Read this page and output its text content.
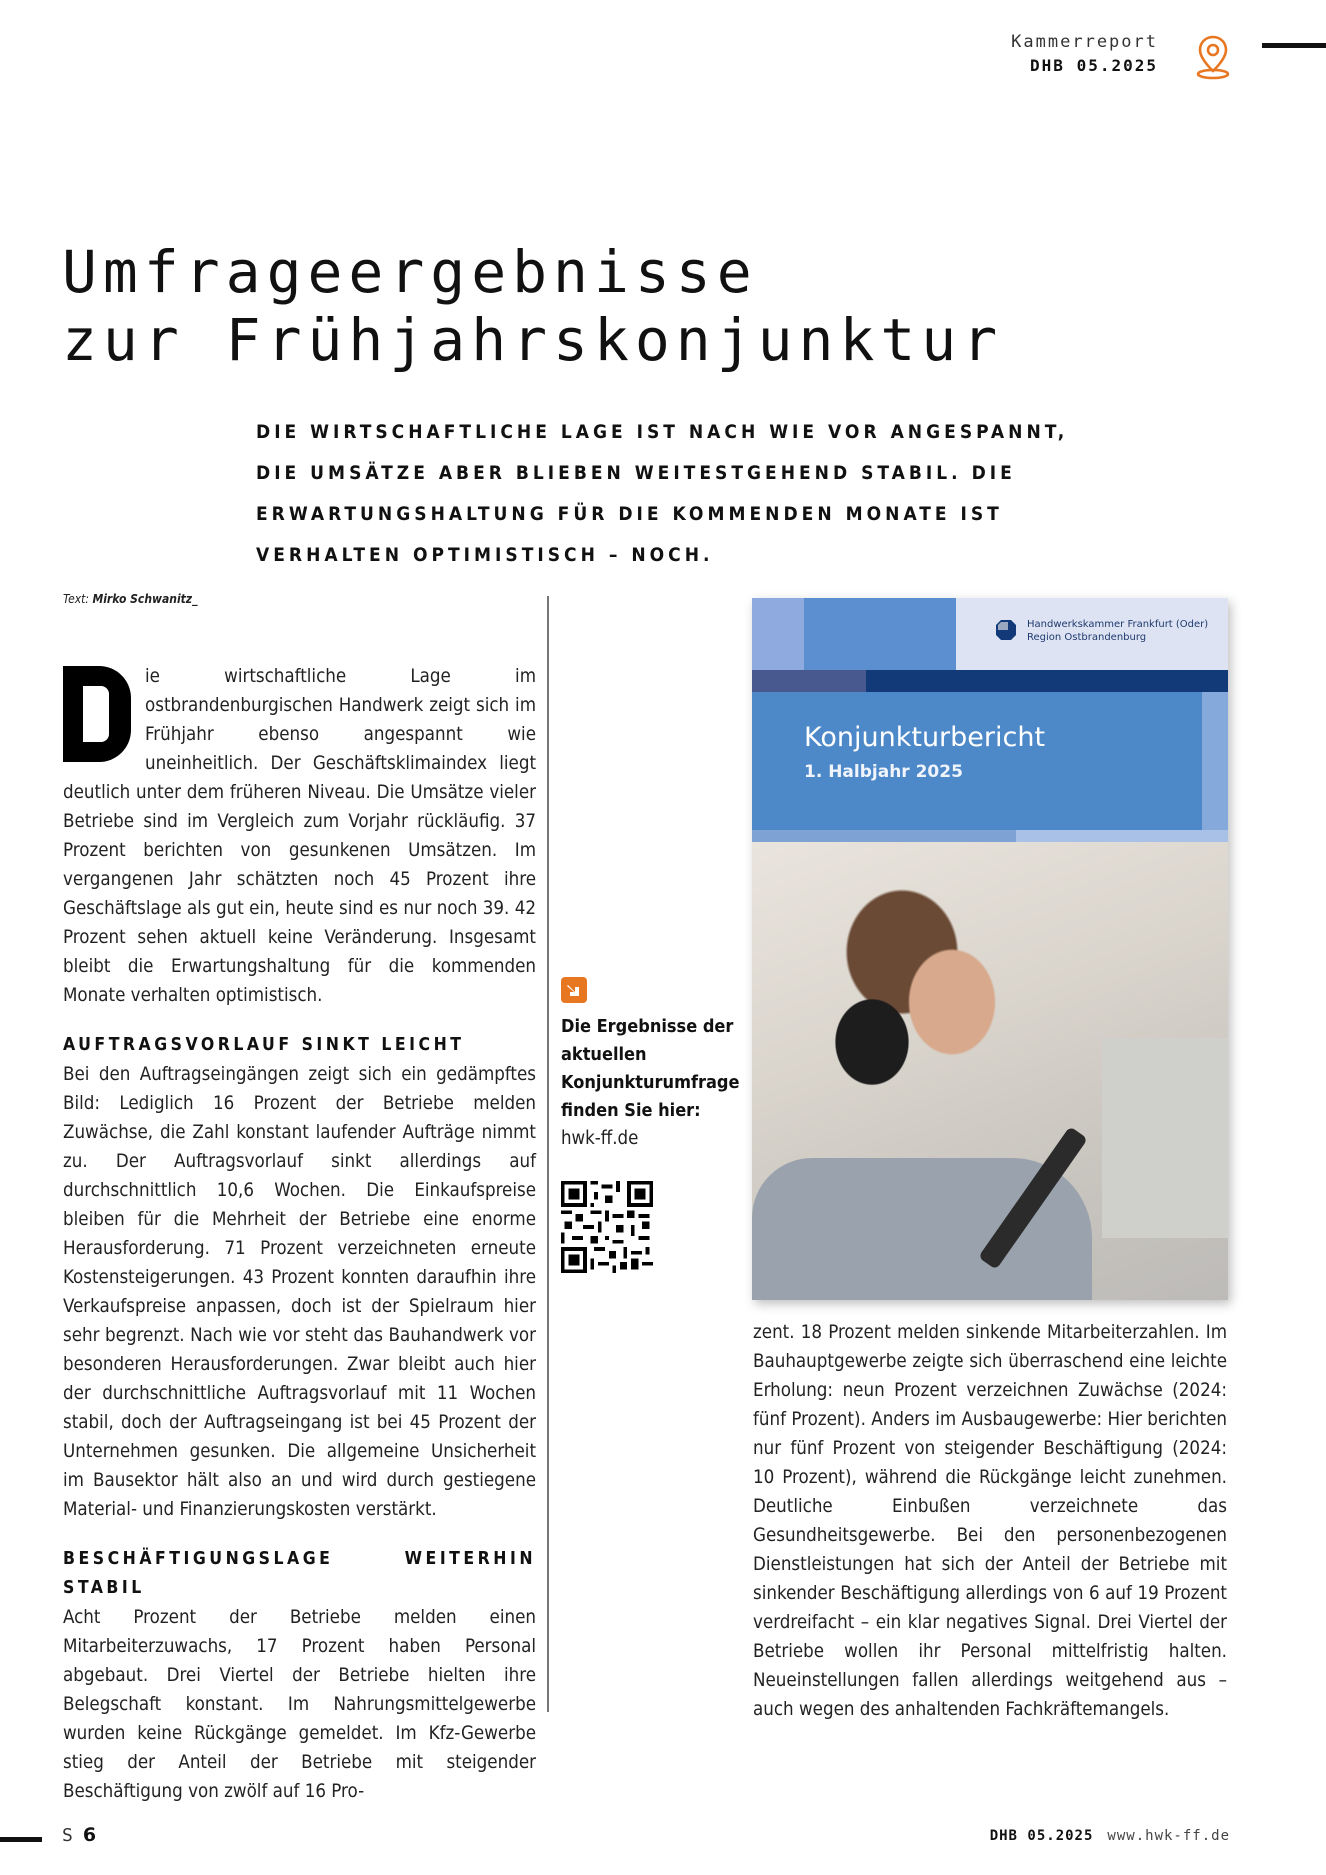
Kammerreport
DHB 05.2025
Umfrageergebnisse
zur Frühjahrskonjunktur

DIE WIRTSCHAFTLICHE LAGE IST NACH WIE VOR ANGESPANNT, DIE UMSÄTZE ABER BLIEBEN WEITESTGEHEND STABIL. DIE ERWARTUNGSHALTUNG FÜR DIE KOMMENDEN MONATE IST VERHALTEN OPTIMISTISCH – NOCH.

Text: Mirko Schwanitz_

ie wirtschaftliche Lage im ostbrandenburgischen Handwerk zeigt sich im Frühjahr ebenso angespannt wie uneinheitlich. Der Geschäftsklimaindex liegt deutlich unter dem früheren Niveau. Die Umsätze vieler Betriebe sind im Vergleich zum Vorjahr rückläufig. 37 Prozent berichten von gesunkenen Umsätzen. Im vergangenen Jahr schätzten noch 45 Prozent ihre Geschäftslage als gut ein, heute sind es nur noch 39. 42 Prozent sehen aktuell keine Veränderung. Insgesamt bleibt die Erwartungshaltung für die kommenden Monate verhalten optimistisch.

AUFTRAGSVORLAUF SINKT LEICHT

Bei den Auftragseingängen zeigt sich ein gedämpftes Bild: Lediglich 16 Prozent der Betriebe melden Zuwächse, die Zahl konstant laufender Aufträge nimmt zu. Der Auftragsvorlauf sinkt allerdings auf durchschnittlich 10,6 Wochen. Die Einkaufspreise bleiben für die Mehrheit der Betriebe eine enorme Herausforderung. 71 Prozent verzeichneten erneute Kostensteigerungen. 43 Prozent konnten daraufhin ihre Verkaufspreise anpassen, doch ist der Spielraum hier sehr begrenzt. Nach wie vor steht das Bauhandwerk vor besonderen Herausforderungen. Zwar bleibt auch hier der durchschnittliche Auftragsvorlauf mit 11 Wochen stabil, doch der Auftragseingang ist bei 45 Prozent der Unternehmen gesunken. Die allgemeine Unsicherheit im Bausektor hält also an und wird durch gestiegene Material- und Finanzierungskosten verstärkt.

BESCHÄFTIGUNGSLAGE WEITERHIN STABIL

Acht Prozent der Betriebe melden einen Mitarbeiterzuwachs, 17 Prozent haben Personal abgebaut. Drei Viertel der Betriebe hielten ihre Belegschaft konstant. Im Nahrungsmittelgewerbe wurden keine Rückgänge gemeldet. Im Kfz-Gewerbe stieg der Anteil der Betriebe mit steigender Beschäftigung von zwölf auf 16 Pro-

Die Ergebnisse der aktuellen Konjunkturumfrage finden Sie hier:
hwk-ff.de
Handwerkskammer Frankfurt (Oder)
Region Ostbrandenburg
Konjunkturbericht
1. Halbjahr 2025

zent. 18 Prozent melden sinkende Mitarbeiterzahlen. Im Bauhauptgewerbe zeigte sich überraschend eine leichte Erholung: neun Prozent verzeichnen Zuwächse (2024: fünf Prozent). Anders im Ausbaugewerbe: Hier berichten nur fünf Prozent von steigender Beschäftigung (2024: 10 Prozent), während die Rückgänge leicht zunehmen. Deutliche Einbußen verzeichnete das Gesundheitsgewerbe. Bei den personenbezogenen Dienstleistungen hat sich der Anteil der Betriebe mit sinkender Beschäftigung allerdings von 6 auf 19 Prozent verdreifacht – ein klar negatives Signal. Drei Viertel der Betriebe wollen ihr Personal mittelfristig halten. Neueinstellungen fallen allerdings weitgehend aus – auch wegen des anhaltenden Fachkräftemangels.

S 6	DHB 05.2025 www.hwk-ff.de
